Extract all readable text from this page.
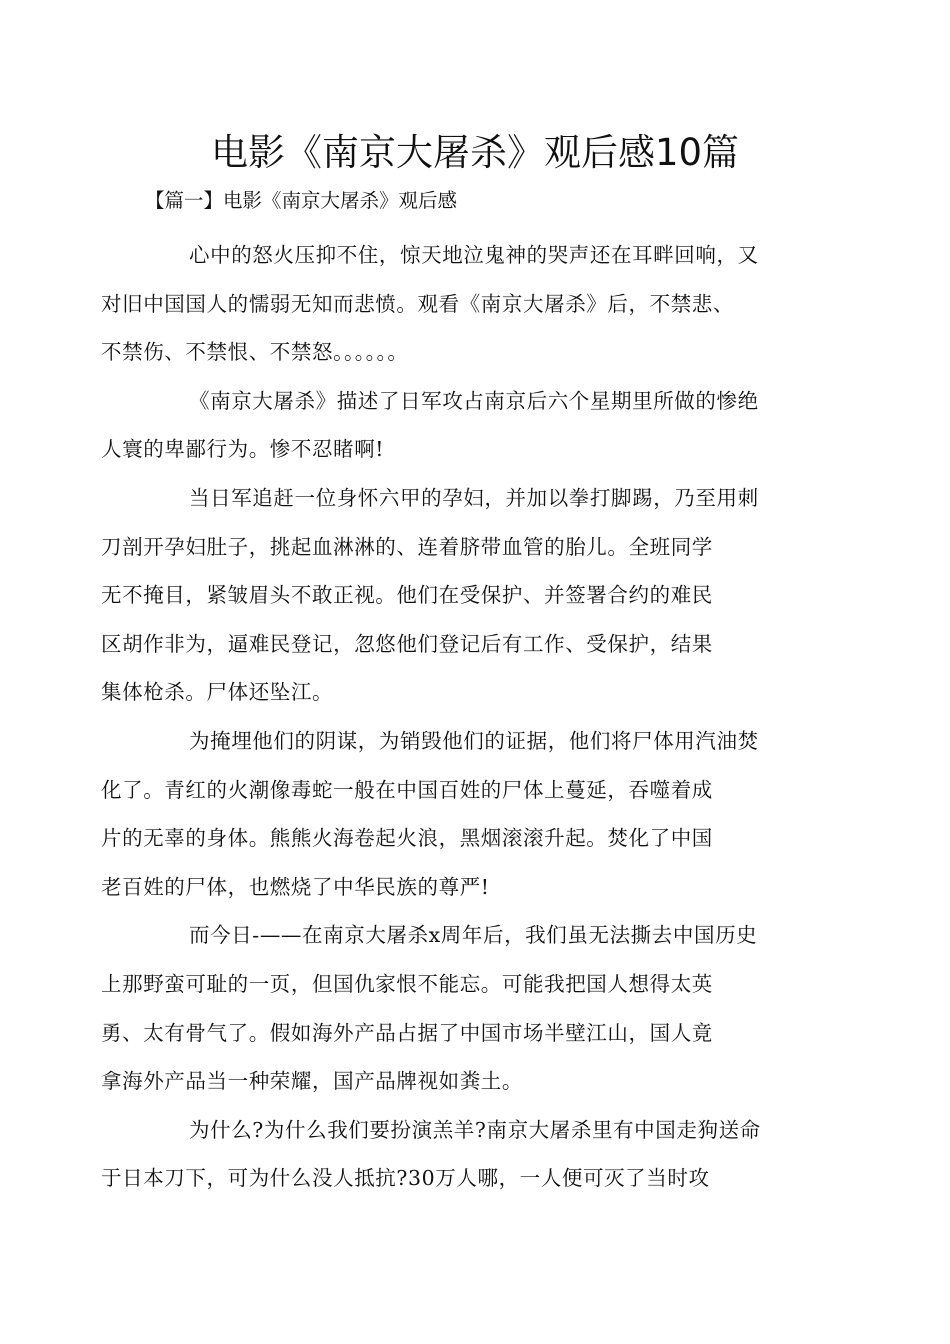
电影《南京大屠杀》观后感10篇
【篇一】电影《南京大屠杀》观后感

心中的怒火压抑不住，惊天地泣鬼神的哭声还在耳畔回响，又
对旧中国国人的懦弱无知而悲愤。观看《南京大屠杀》后，不禁悲、
不禁伤、不禁恨、不禁怒。。。。。。

《南京大屠杀》描述了日军攻占南京后六个星期里所做的惨绝
人寰的卑鄙行为。惨不忍睹啊!

当日军追赶一位身怀六甲的孕妇，并加以拳打脚踢，乃至用刺
刀剖开孕妇肚子，挑起血淋淋的、连着脐带血管的胎儿。全班同学
无不掩目，紧皱眉头不敢正视。他们在受保护、并签署合约的难民
区胡作非为，逼难民登记，忽悠他们登记后有工作、受保护，结果
集体枪杀。尸体还坠江。

为掩埋他们的阴谋，为销毁他们的证据，他们将尸体用汽油焚
化了。青红的火潮像毒蛇一般在中国百姓的尸体上蔓延，吞噬着成
片的无辜的身体。熊熊火海卷起火浪，黑烟滚滚升起。焚化了中国
老百姓的尸体，也燃烧了中华民族的尊严!

而今日-——在南京大屠杀x周年后，我们虽无法撕去中国历史
上那野蛮可耻的一页，但国仇家恨不能忘。可能我把国人想得太英
勇、太有骨气了。假如海外产品占据了中国市场半壁江山，国人竟
拿海外产品当一种荣耀，国产品牌视如粪土。

为什么?为什么我们要扮演羔羊?南京大屠杀里有中国走狗送命
于日本刀下，可为什么没人抵抗?30万人哪，一人便可灭了当时攻
